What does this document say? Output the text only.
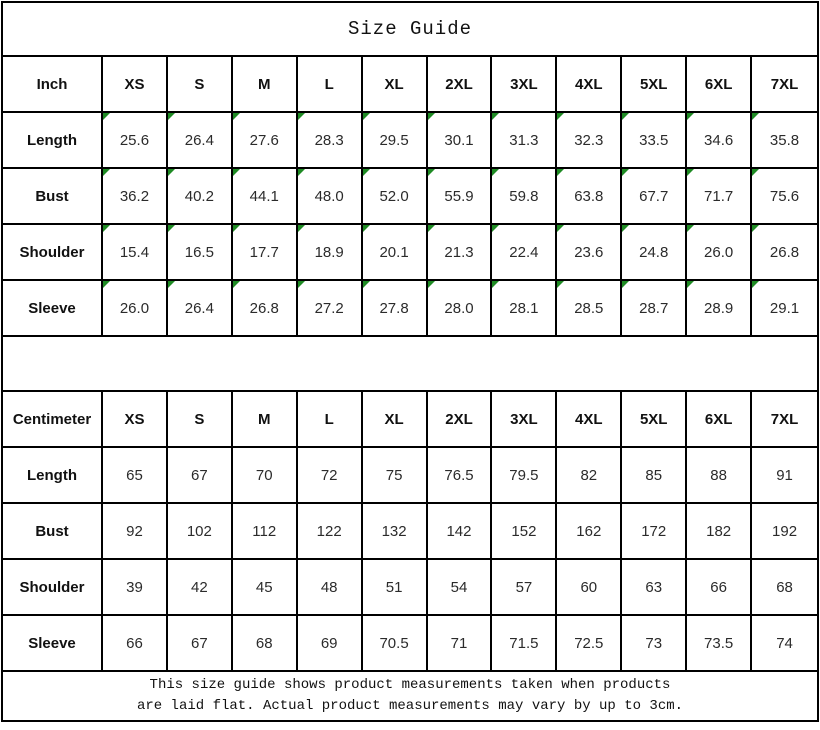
Size Guide
Inch	XS	S	M	L	XL	2XL	3XL	4XL	5XL	6XL	7XL
Length	25.6	26.4	27.6	28.3	29.5	30.1	31.3	32.3	33.5	34.6	35.8
Bust	36.2	40.2	44.1	48.0	52.0	55.9	59.8	63.8	67.7	71.7	75.6
Shoulder	15.4	16.5	17.7	18.9	20.1	21.3	22.4	23.6	24.8	26.0	26.8
Sleeve	26.0	26.4	26.8	27.2	27.8	28.0	28.1	28.5	28.7	28.9	29.1
Centimeter	XS	S	M	L	XL	2XL	3XL	4XL	5XL	6XL	7XL
Length	65	67	70	72	75	76.5	79.5	82	85	88	91
Bust	92	102	112	122	132	142	152	162	172	182	192
Shoulder	39	42	45	48	51	54	57	60	63	66	68
Sleeve	66	67	68	69	70.5	71	71.5	72.5	73	73.5	74
This size guide shows product measurements taken when products
are laid flat. Actual product measurements may vary by up to 3cm.
